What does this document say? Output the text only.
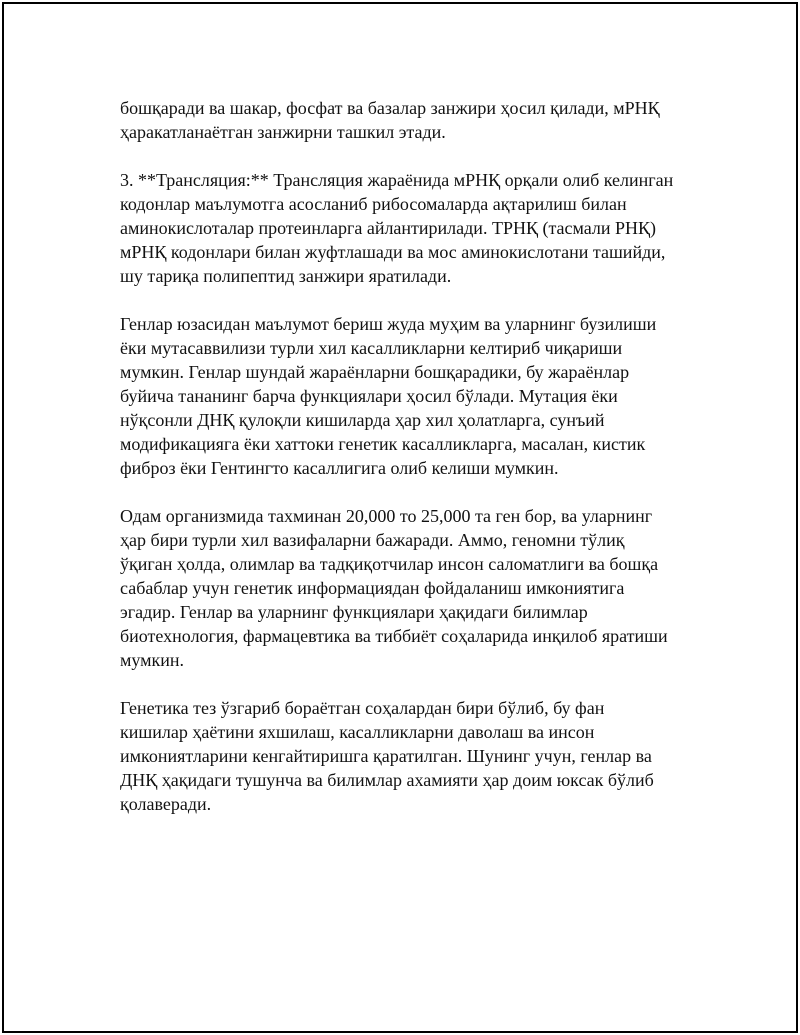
бошқаради ва шакар, фосфат ва базалар занжири ҳосил қилади, мРНҚ
ҳаракатланаётган занжирни ташкил этади.

3. **Трансляция:** Трансляция жараёнида мРНҚ орқали олиб келинган
кодонлар маълумотга асосланиб рибосомаларда ақтарилиш билан
аминокислоталар протеинларга айлантирилади. ТРНҚ (тасмали РНҚ)
мРНҚ кодонлари билан жуфтлашади ва мос аминокислотани ташийди,
шу тариқа полипептид занжири яратилади.

Генлар юзасидан маълумот бериш жуда муҳим ва уларнинг бузилиши
ёки мутасаввилизи турли хил касалликларни келтириб чиқариши
мумкин. Генлар шундай жараёнларни бошқарадики, бу жараёнлар
буйича тананинг барча функциялари ҳосил бўлади. Мутация ёки
нўқсонли ДНҚ қулоқли кишиларда ҳар хил ҳолатларга, сунъий
модификацияга ёки хаттоки генетик касалликларга, масалан, кистик
фиброз ёки Гентингто касаллигига олиб келиши мумкин.

Одам организмида тахминан 20,000 то 25,000 та ген бор, ва уларнинг
ҳар бири турли хил вазифаларни бажаради. Аммо, геномни тўлиқ
ўқиган ҳолда, олимлар ва тадқиқотчилар инсон саломатлиги ва бошқа
сабаблар учун генетик информациядан фойдаланиш имкониятига
эгадир. Генлар ва уларнинг функциялари ҳақидаги билимлар
биотехнология, фармацевтика ва тиббиёт соҳаларида инқилоб яратиши
мумкин.

Генетика тез ўзгариб бораётган соҳалардан бири бўлиб, бу фан
кишилар ҳаётини яхшилаш, касалликларни даволаш ва инсон
имкониятларини кенгайтиришга қаратилган. Шунинг учун, генлар ва
ДНҚ ҳақидаги тушунча ва билимлар ахамияти ҳар доим юксак бўлиб
қолаверади.
